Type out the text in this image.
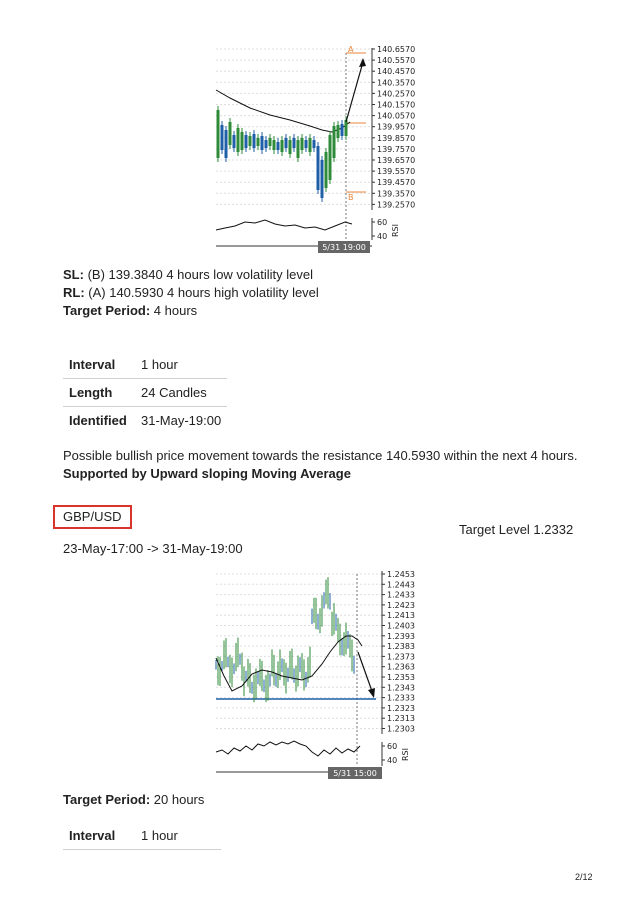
140.6570
140.5570
140.4570
140.3570
140.2570
140.1570
140.0570
139.9570
139.8570
139.7570
139.6570
139.5570
139.4570
139.3570
139.2570
A
B
60
40 RSI
5/31 19:00
SL: (B) 139.3840 4 hours low volatility level
RL: (A) 140.5930 4 hours high volatility level
Target Period: 4 hours
Interval	1 hour
Length	24 Candles
Identified	31-May-19:00
Possible bullish price movement towards the resistance 140.5930 within the next 4 hours.
Supported by Upward sloping Moving Average
GBP/USD
Target Level 1.2332
23-May-17:00 -> 31-May-19:00
1.2453
1.2443
1.2433
1.2423
1.2413
1.2403
1.2393
1.2383
1.2373
1.2363
1.2353
1.2343
1.2333
1.2323
1.2313
1.2303
60
40 RSI
5/31 15:00
Target Period: 20 hours
Interval	1 hour
2/12
